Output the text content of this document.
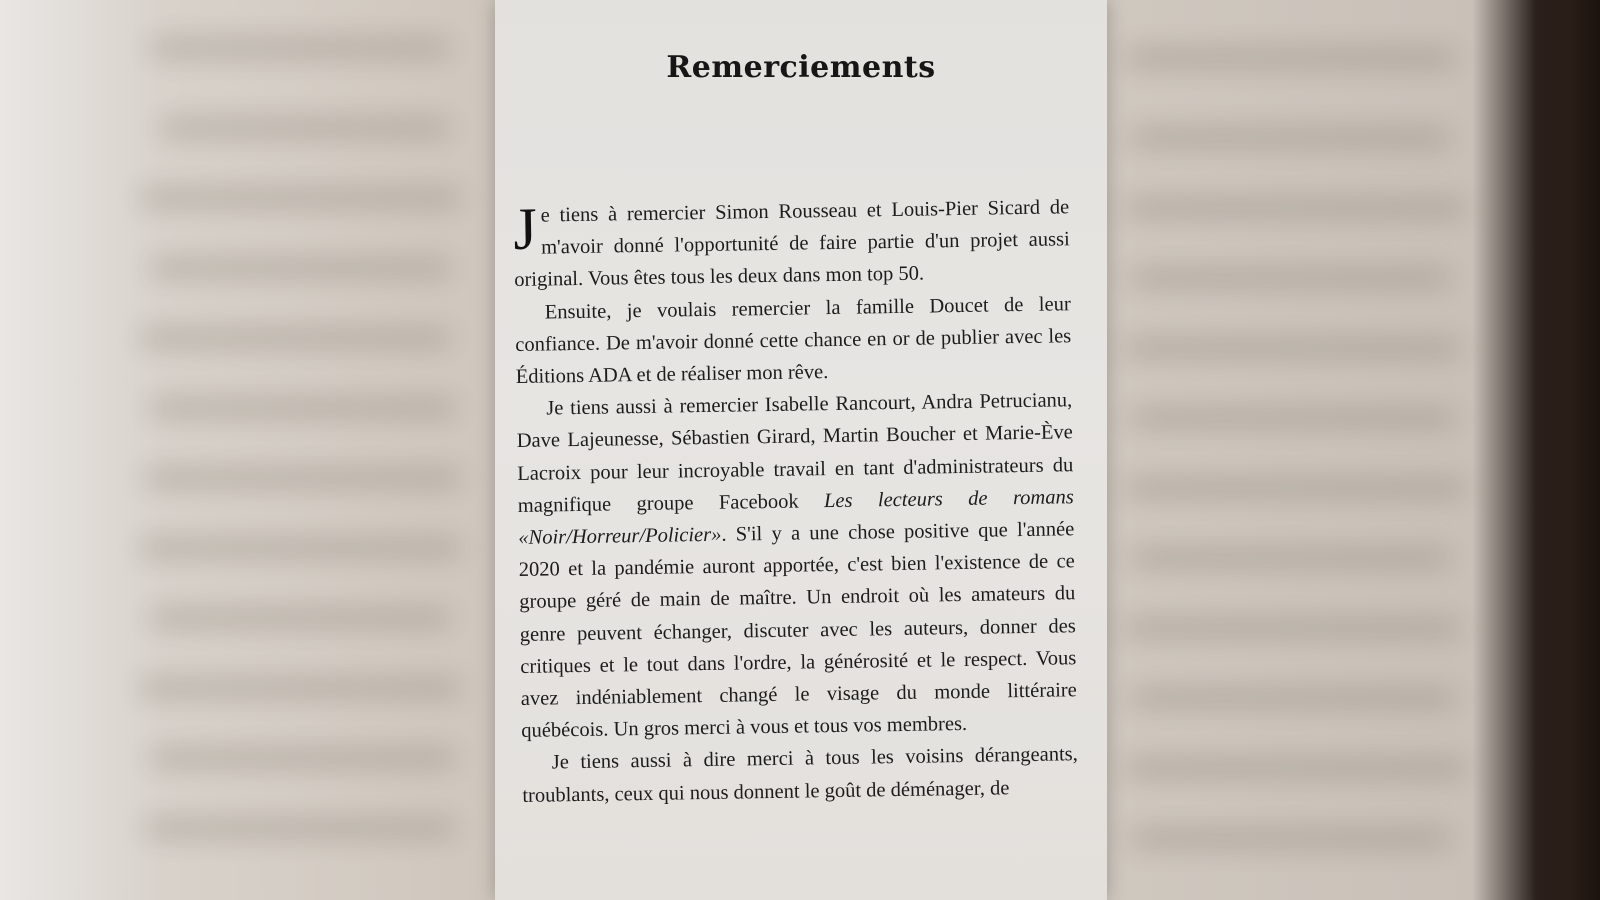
Remerciements

Je tiens à remercier Simon Rousseau et Louis-Pier Sicard de m'avoir donné l'opportunité de faire partie d'un projet aussi original. Vous êtes tous les deux dans mon top 50.

Ensuite, je voulais remercier la famille Doucet de leur confiance. De m'avoir donné cette chance en or de publier avec les Éditions ADA et de réaliser mon rêve.

Je tiens aussi à remercier Isabelle Rancourt, Andra Petrucianu, Dave Lajeunesse, Sébastien Girard, Martin Boucher et Marie-Ève Lacroix pour leur incroyable travail en tant d'administrateurs du magnifique groupe Facebook Les lecteurs de romans «Noir/Horreur/Policier». S'il y a une chose positive que l'année 2020 et la pandémie auront apportée, c'est bien l'existence de ce groupe géré de main de maître. Un endroit où les amateurs du genre peuvent échanger, discuter avec les auteurs, donner des critiques et le tout dans l'ordre, la générosité et le respect. Vous avez indéniablement changé le visage du monde littéraire québécois. Un gros merci à vous et tous vos membres.

Je tiens aussi à dire merci à tous les voisins dérangeants, troublants, ceux qui nous donnent le goût de déménager, de
